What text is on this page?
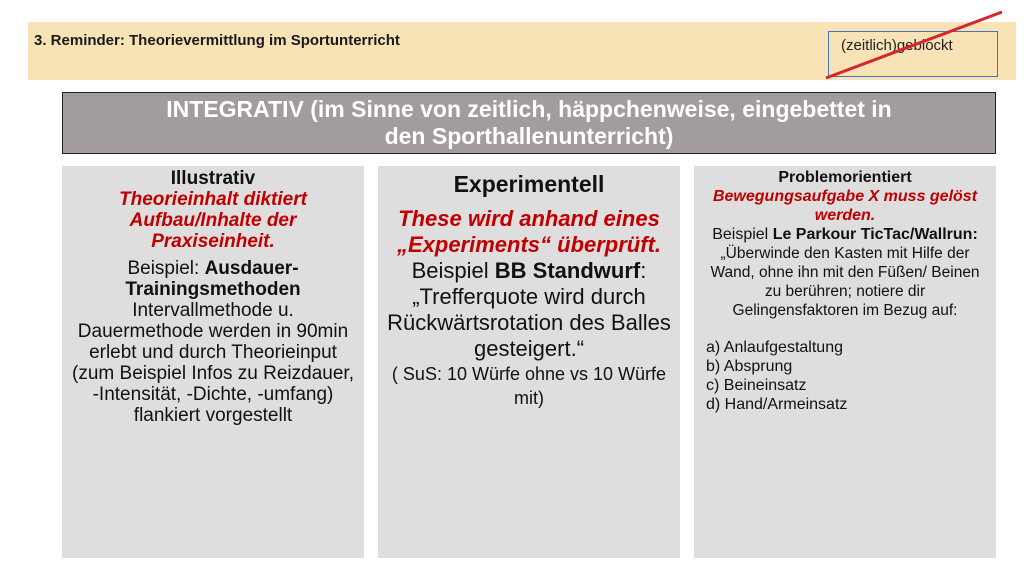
3. Reminder: Theorievermittlung im Sportunterricht	(zeitlich)geblockt
INTEGRATIV (im Sinne von zeitlich, häppchenweise, eingebettet in
den Sporthallenunterricht)

Illustrativ

Theorieinhalt diktiert Aufbau/Inhalte der Praxiseinheit.

Beispiel: Ausdauer-Trainingsmethoden Intervallmethode u. Dauermethode werden in 90min erlebt und durch Theorieinput (zum Beispiel Infos zu Reizdauer, -Intensität, -Dichte, -umfang) flankiert vorgestellt

Experimentell

These wird anhand eines „Experiments“ überprüft.

Beispiel BB Standwurf:

„Trefferquote wird durch Rückwärtsrotation des Balles gesteigert.“

( SuS: 10 Würfe ohne vs 10 Würfe mit)

Problemorientiert

Bewegungsaufgabe X muss gelöst werden.

Beispiel Le Parkour TicTac/Wallrun:

„Überwinde den Kasten mit Hilfe der Wand, ohne ihn mit den Füßen/ Beinen zu berühren; notiere dir Gelingensfaktoren im Bezug auf:

a) Anlaufgestaltung
b) Absprung
c) Beineinsatz
d) Hand/Armeinsatz
